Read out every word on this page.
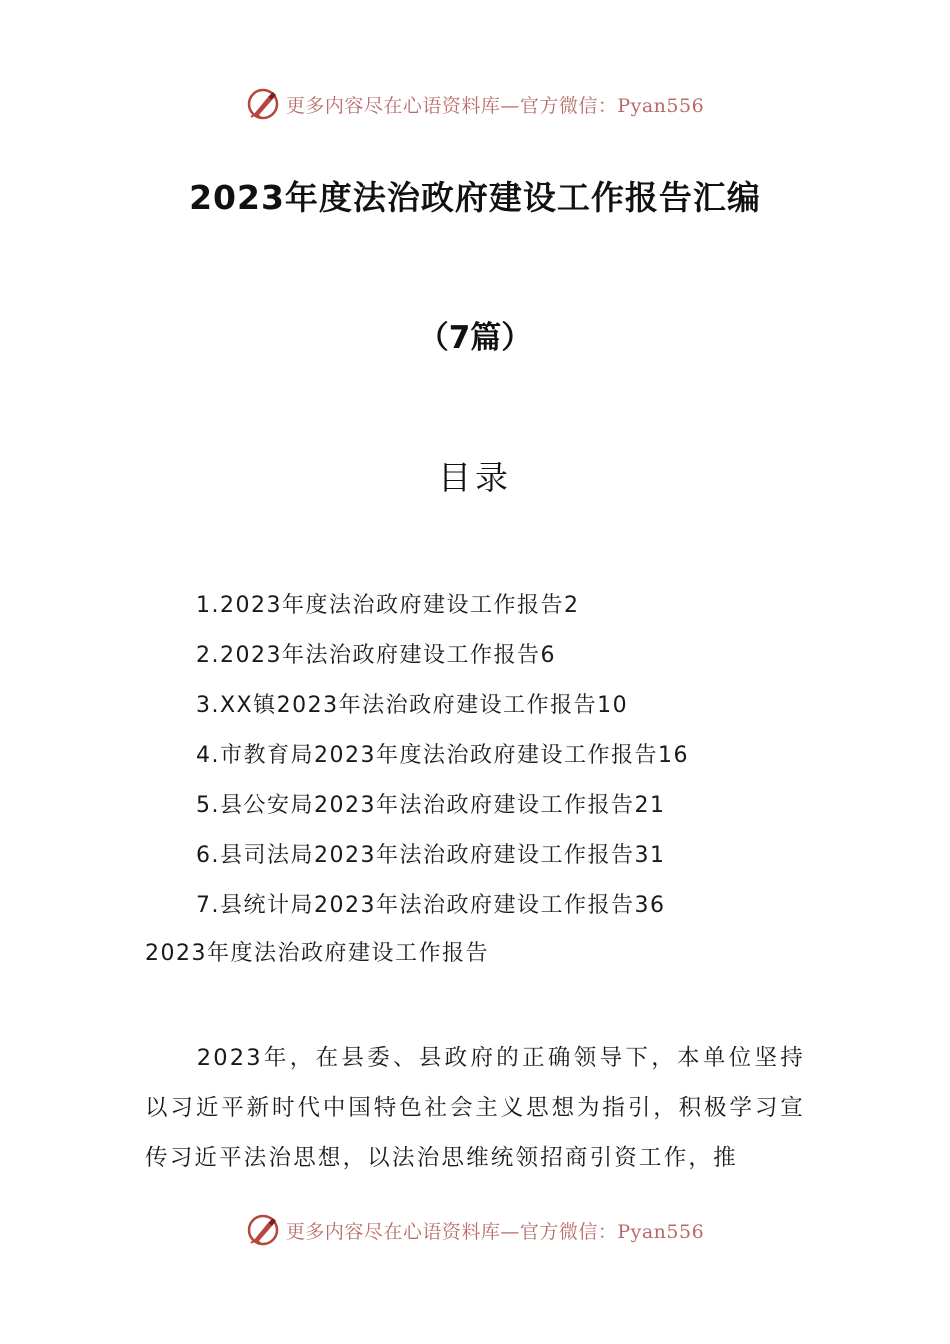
更多内容尽在心语资料库—官方微信：Pyan556
2023年度法治政府建设工作报告汇编
（7篇）
目录
1.2023年度法治政府建设工作报告2
2.2023年法治政府建设工作报告6
3.XX镇2023年法治政府建设工作报告10
4.市教育局2023年度法治政府建设工作报告16
5.县公安局2023年法治政府建设工作报告21
6.县司法局2023年法治政府建设工作报告31
7.县统计局2023年法治政府建设工作报告36
2023年度法治政府建设工作报告

2023年，在县委、县政府的正确领导下，本单位坚持以习近平新时代中国特色社会主义思想为指引，积极学习宣传习近平法治思想，以法治思维统领招商引资工作，推

更多内容尽在心语资料库—官方微信：Pyan556
